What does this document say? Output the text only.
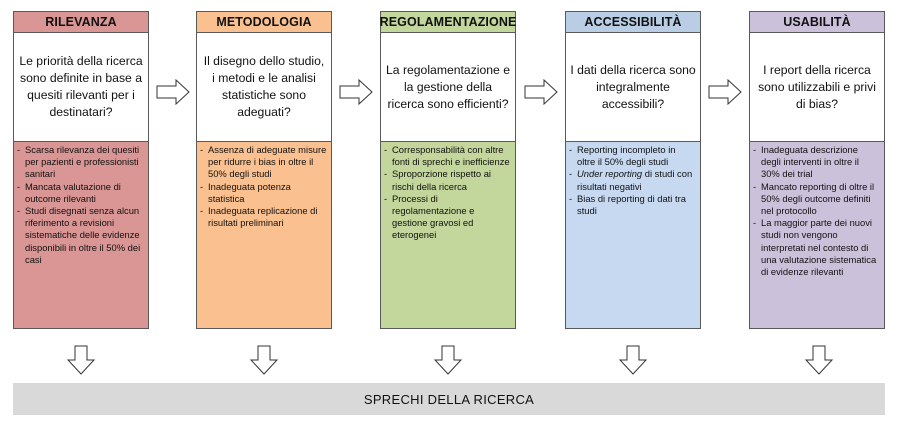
RILEVANZA
Le priorità della ricerca sono definite in base a quesiti rilevanti per i destinatari?
- Scarsa rilevanza dei quesiti per pazienti e professionisti sanitari
- Mancata valutazione di outcome rilevanti
- Studi disegnati senza alcun riferimento a revisioni sistematiche delle evidenze disponibili in oltre il 50% dei casi
METODOLOGIA
Il disegno dello studio, i metodi e le analisi statistiche sono adeguati?
- Assenza di adeguate misure per ridurre i bias in oltre il 50% degli studi
- Inadeguata potenza statistica
- Inadeguata replicazione di risultati preliminari
REGOLAMENTAZIONE
La regolamentazione e la gestione della ricerca sono efficienti?
- Corresponsabilità con altre fonti di sprechi e inefficienze
- Sproporzione rispetto ai rischi della ricerca
- Processi di regolamentazione e gestione gravosi ed eterogenei
ACCESSIBILITÀ
I dati della ricerca sono integralmente accessibili?
- Reporting incompleto in oltre il 50% degli studi
- Under reporting di studi con risultati negativi
- Bias di reporting di dati tra studi
USABILITÀ
I report della ricerca sono utilizzabili e privi di bias?
- Inadeguata descrizione degli interventi in oltre il 30% dei trial
- Mancato reporting di oltre il 50% degli outcome definiti nel protocollo
- La maggior parte dei nuovi studi non vengono interpretati nel contesto di una valutazione sistematica di evidenze rilevanti
SPRECHI DELLA RICERCA
